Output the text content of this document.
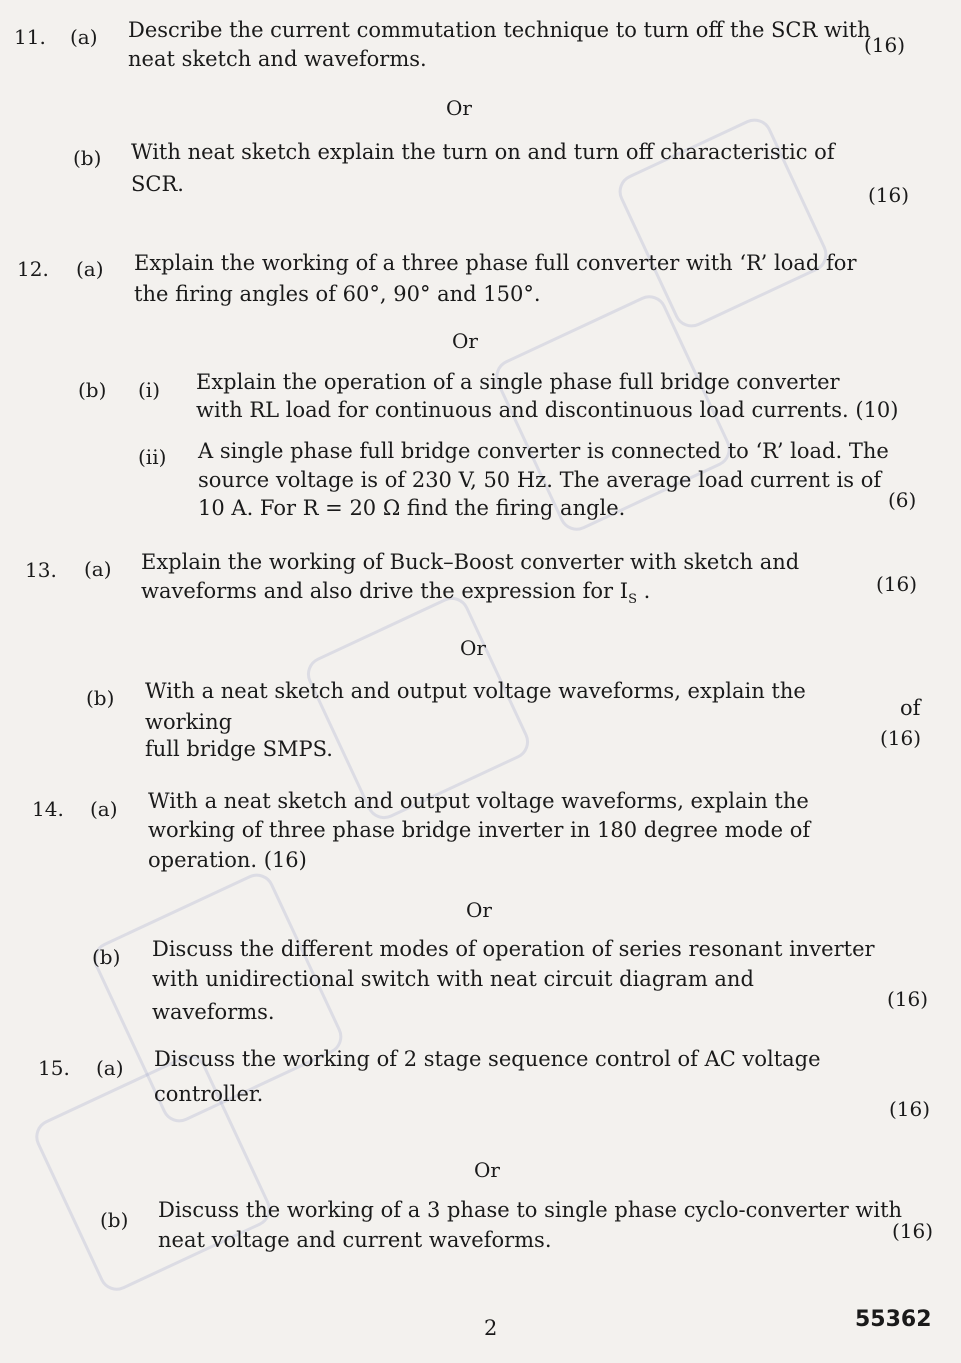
11. (a) Describe the current commutation technique to turn off the SCR with
neat sketch and waveforms.
(16)
Or
(b) With neat sketch explain the turn on and turn off characteristic of
SCR.	(16)
12. (a) Explain the working of a three phase full converter with ‘R’ load for
the firing angles of 60°, 90° and 150°.
Or
(b) (i) Explain the operation of a single phase full bridge converter
with RL load for continuous and discontinuous load currents. (10)
(ii) A single phase full bridge converter is connected to ‘R’ load. The
source voltage is of 230 V, 50 Hz. The average load current is of
10 A. For R = 20 Ω find the firing angle.	(6)
13. (a) Explain the working of Buck–Boost converter with sketch and
waveforms and also drive the expression for $I_S$ .	(16)
Or
(b) With a neat sketch and output voltage waveforms, explain the
working
of
full bridge SMPS.	(16)
14. (a) With a neat sketch and output voltage waveforms, explain the
working of three phase bridge inverter in 180 degree mode of
operation. (16)
Or
(b) Discuss the different modes of operation of series resonant inverter
with unidirectional switch with neat circuit diagram and
waveforms.
(16)
15. (a) Discuss the working of 2 stage sequence control of AC voltage
controller.
(16)
Or
(b) Discuss the working of a 3 phase to single phase cyclo-converter with
neat voltage and current waveforms.	(16)
2	55362
